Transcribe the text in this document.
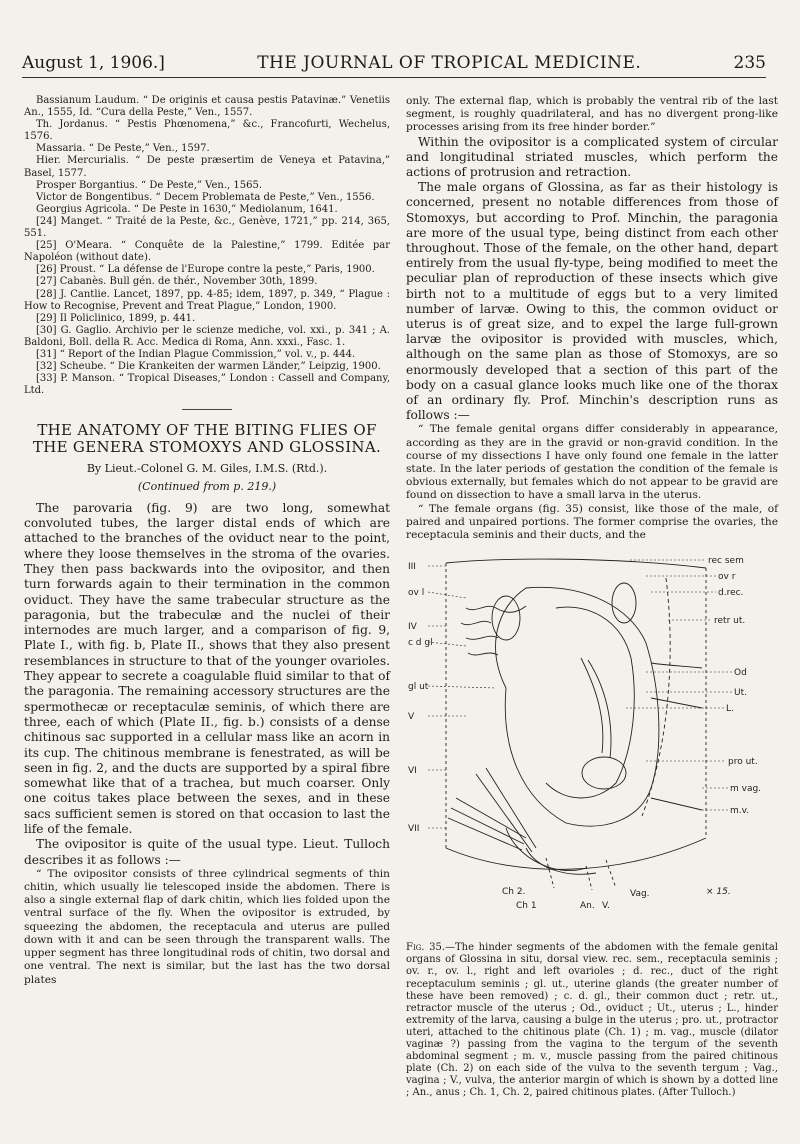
August 1, 1906.]	THE JOURNAL OF TROPICAL MEDICINE.	235

Bassianum Laudum. “ De originis et causa pestis Patavinæ.” Venetiis An., 1555, Id. “Cura della Peste,” Ven., 1557.

Th. Jordanus. “ Pestis Phœnomena,” &c., Francofurti, Wechelus, 1576.

Massaria. “ De Peste,” Ven., 1597.

Hier. Mercurialis. “ De peste præsertim de Veneya et Patavina,” Basel, 1577.

Prosper Borgantius. “ De Peste,” Ven., 1565.

Victor de Bongentibus. “ Decem Problemata de Peste,” Ven., 1556.

Georgius Agricola. “ De Peste in 1630,” Mediolanum, 1641.

[24] Manget. “ Traité de la Peste, &c., Genève, 1721,” pp. 214, 365, 551.

[25] O'Meara. “ Conquête de la Palestine,” 1799. Editée par Napoléon (without date).

[26] Proust. “ La défense de l'Europe contre la peste,” Paris, 1900.

[27] Cabanès. Bull gén. de thér., November 30th, 1899.

[28] J. Cantlie. Lancet, 1897, pp. 4-85; idem, 1897, p. 349, “ Plague : How to Recognise, Prevent and Treat Plague,” London, 1900.

[29] Il Policlinico, 1899, p. 441.

[30] G. Gaglio. Archivio per le scienze mediche, vol. xxi., p. 341 ; A. Baldoni, Boll. della R. Acc. Medica di Roma, Ann. xxxi., Fasc. 1.

[31] “ Report of the Indian Plague Commission,” vol. v., p. 444.

[32] Scheube. “ Die Krankeiten der warmen Länder,” Leipzig, 1900.

[33] P. Manson. “ Tropical Diseases,” London : Cassell and Company, Ltd.

THE ANATOMY OF THE BITING FLIES OF THE GENERA STOMOXYS AND GLOSSINA.
By Lieut.-Colonel G. M. Giles, I.M.S. (Rtd.).
(Continued from p. 219.)

The parovaria (fig. 9) are two long, somewhat convoluted tubes, the larger distal ends of which are attached to the branches of the oviduct near to the point, where they loose themselves in the stroma of the ovaries. They then pass backwards into the ovipositor, and then turn forwards again to their termination in the common oviduct. They have the same trabecular structure as the paragonia, but the trabeculæ and the nuclei of their internodes are much larger, and a comparison of fig. 9, Plate I., with fig. b, Plate II., shows that they also present resemblances in structure to that of the younger ovarioles. They appear to secrete a coagulable fluid similar to that of the paragonia. The remaining accessory structures are the spermothecæ or receptaculæ seminis, of which there are three, each of which (Plate II., fig. b.) consists of a dense chitinous sac supported in a cellular mass like an acorn in its cup. The chitinous membrane is fenestrated, as will be seen in fig. 2, and the ducts are supported by a spiral fibre somewhat like that of a trachea, but much coarser. Only one coitus takes place between the sexes, and in these sacs sufficient semen is stored on that occasion to last the life of the female.

The ovipositor is quite of the usual type. Lieut. Tulloch describes it as follows :—

“ The ovipositor consists of three cylindrical segments of thin chitin, which usually lie telescoped inside the abdomen. There is also a single external flap of dark chitin, which lies folded upon the ventral surface of the fly. When the ovipositor is extruded, by squeezing the abdomen, the receptacula and uterus are pulled down with it and can be seen through the transparent walls. The upper segment has three longitudinal rods of chitin, two dorsal and one ventral. The next is similar, but the last has the two dorsal plates

only. The external flap, which is probably the ventral rib of the last segment, is roughly quadrilateral, and has no divergent prong-like processes arising from its free hinder border.”

Within the ovipositor is a complicated system of circular and longitudinal striated muscles, which perform the actions of protrusion and retraction.

The male organs of Glossina, as far as their histology is concerned, present no notable differences from those of Stomoxys, but according to Prof. Minchin, the paragonia are more of the usual type, being distinct from each other throughout. Those of the female, on the other hand, depart entirely from the usual fly-type, being modified to meet the peculiar plan of reproduction of these insects which give birth not to a multitude of eggs but to a very limited number of larvæ. Owing to this, the common oviduct or uterus is of great size, and to expel the large full-grown larvæ the ovipositor is provided with muscles, which, although on the same plan as those of Stomoxys, are so enormously developed that a section of this part of the body on a casual glance looks much like one of the thorax of an ordinary fly. Prof. Minchin's description runs as follows :—

“ The female genital organs differ considerably in appearance, according as they are in the gravid or non-gravid condition. In the course of my dissections I have only found one female in the latter state. In the later periods of gestation the condition of the female is obvious externally, but females which do not appear to be gravid are found on dissection to have a small larva in the uterus.

“ The female organs (fig. 35) consist, like those of the male, of paired and unpaired portions. The former comprise the ovaries, the receptacula seminis and their ducts, and the

III
ov l
IV
c d gl
gl ut
V
VI
VII
rec sem
ov r
d.rec.
retr ut.
Od
Ut.
L.
pro ut.
m vag.
m.v.
Ch 2.
Ch 1	An. V.
Vag.	× 15.
Fig. 35.—The hinder segments of the abdomen with the female genital organs of Glossina in situ, dorsal view. rec. sem., receptacula seminis ; ov. r., ov. l., right and left ovarioles ; d. rec., duct of the right receptaculum seminis ; gl. ut., uterine glands (the greater number of these have been removed) ; c. d. gl., their common duct ; retr. ut., retractor muscle of the uterus ; Od., oviduct ; Ut., uterus ; L., hinder extremity of the larva, causing a bulge in the uterus ; pro. ut., protractor uteri, attached to the chitinous plate (Ch. 1) ; m. vag., muscle (dilator vaginæ ?) passing from the vagina to the tergum of the seventh abdominal segment ; m. v., muscle passing from the paired chitinous plate (Ch. 2) on each side of the vulva to the seventh tergum ; Vag., vagina ; V., vulva, the anterior margin of which is shown by a dotted line ; An., anus ; Ch. 1, Ch. 2, paired chitinous plates. (After Tulloch.)
